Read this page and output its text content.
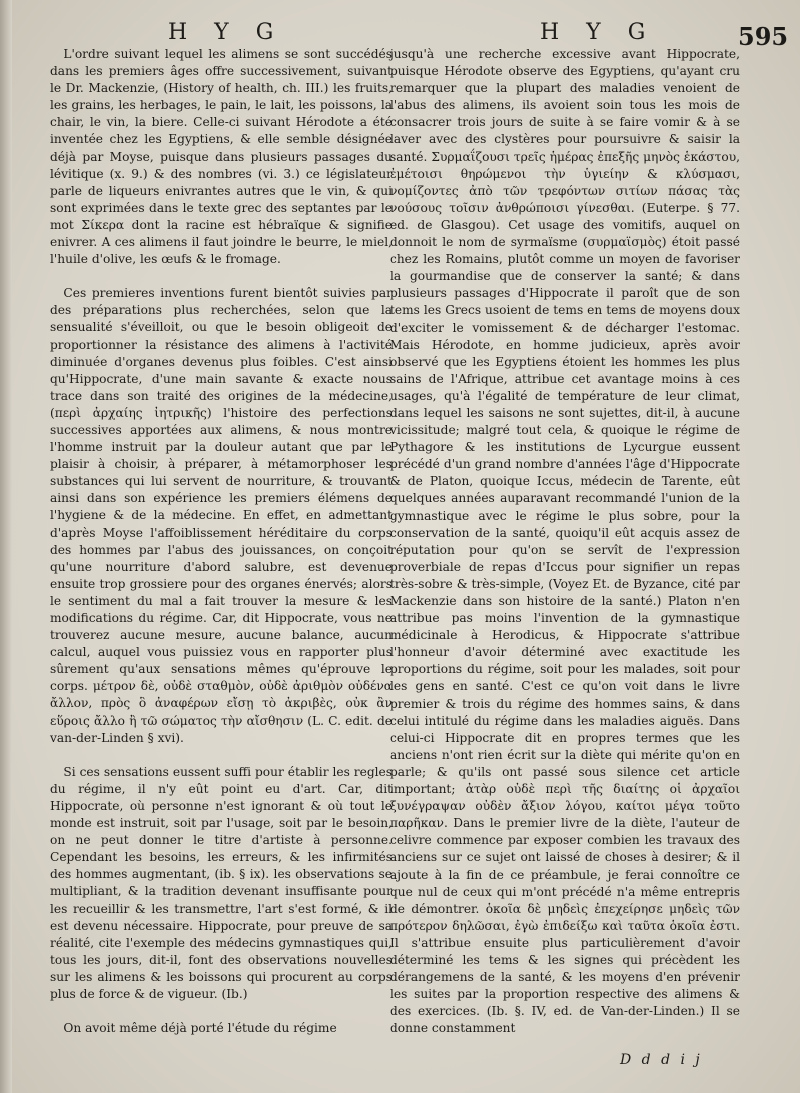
H Y G	H Y G	595

L'ordre suivant lequel les alimens se sont succédés dans les premiers âges offre successivement, suivant le Dr. Mackenzie, (History of health, ch. III.) les fruits, les grains, les herbages, le pain, le lait, les poissons, la chair, le vin, la biere. Celle-ci suivant Hérodote a été inventée chez les Egyptiens, & elle semble désignée déjà par Moyse, puisque dans plusieurs passages du lévitique (x. 9.) & des nombres (vi. 3.) ce législateur parle de liqueurs enivrantes autres que le vin, & qui sont exprimées dans le texte grec des septantes par le mot Σίκερα dont la racine est hébraïque & signifie enivrer. A ces alimens il faut joindre le beurre, le miel, l'huile d'olive, les œufs & le fromage.

Ces premieres inventions furent bientôt suivies par des préparations plus recherchées, selon que la sensualité s'éveilloit, ou que le besoin obligeoit de proportionner la résistance des alimens à l'activité diminuée d'organes devenus plus foibles. C'est ainsi qu'Hippocrate, d'une main savante & exacte nous trace dans son traité des origines de la médecine, (περὶ ἀρχαίης ἰητρικῆς) l'histoire des perfections successives apportées aux alimens, & nous montre l'homme instruit par la douleur autant que par le plaisir à choisir, à préparer, à métamorphoser les substances qui lui servent de nourriture, & trouvant ainsi dans son expérience les premiers élémens de l'hygiene & de la médecine. En effet, en admettant d'après Moyse l'affoiblissement héréditaire du corps des hommes par l'abus des jouissances, on conçoit qu'une nourriture d'abord salubre, est devenue ensuite trop grossiere pour des organes énervés; alors le sentiment du mal a fait trouver la mesure & les modifications du régime. Car, dit Hippocrate, vous ne trouverez aucune mesure, aucune balance, aucun calcul, auquel vous puissiez vous en rapporter plus sûrement qu'aux sensations mêmes qu'éprouve le corps. μέτρον δὲ, οὐδὲ σταθμὸν, οὐδὲ ἀριθμὸν οὐδένα ἄλλον, πρὸς ὃ ἀναφέρων εἴσῃ τὸ ἀκριβὲς, οὐκ ἂν εὕροις ἄλλο ἢ τῶ σώματος τὴν αἴσθησιν (L. C. edit. de van-der-Linden § xvi).

Si ces sensations eussent suffi pour établir les regles du régime, il n'y eût point eu d'art. Car, dit Hippocrate, où personne n'est ignorant & où tout le monde est instruit, soit par l'usage, soit par le besoin, on ne peut donner le titre d'artiste à personne. Cependant les besoins, les erreurs, & les infirmités des hommes augmentant, (ib. § ix). les observations se multipliant, & la tradition devenant insuffisante pour les recueillir & les transmettre, l'art s'est formé, & il est devenu nécessaire. Hippocrate, pour preuve de sa réalité, cite l'exemple des médecins gymnastiques qui, tous les jours, dit-il, font des observations nouvelles sur les alimens & les boissons qui procurent au corps plus de force & de vigueur. (Ib.)

On avoit même déjà porté l'étude du régime

jusqu'à une recherche excessive avant Hippocrate, puisque Hérodote observe des Egyptiens, qu'ayant cru remarquer que la plupart des maladies venoient de l'abus des alimens, ils avoient soin tous les mois de consacrer trois jours de suite à se faire vomir & à se laver avec des clystères pour poursuivre & saisir la santé. Συρμαΐζουσι τρεῖς ἡμέρας ἐπεξῆς μηνὸς ἑκάστου, ἐμέτοισι θηρώμενοι τὴν ὑγιείην & κλύσμασι, νομίζοντες ἀπὸ τῶν τρεφόντων σιτίων πάσας τὰς νούσους τοῖσιν ἀνθρώποισι γίνεσθαι. (Euterpe. § 77. ed. de Glasgou). Cet usage des vomitifs, auquel on donnoit le nom de syrmaïsme (συρμαϊσμὸς) étoit passé chez les Romains, plutôt comme un moyen de favoriser la gourmandise que de conserver la santé; & dans plusieurs passages d'Hippocrate il paroît que de son tems les Grecs usoient de tems en tems de moyens doux d'exciter le vomissement & de décharger l'estomac. Mais Hérodote, en homme judicieux, après avoir observé que les Egyptiens étoient les hommes les plus sains de l'Afrique, attribue cet avantage moins à ces usages, qu'à l'égalité de température de leur climat, dans lequel les saisons ne sont sujettes, dit-il, à aucune vicissitude; malgré tout cela, & quoique le régime de Pythagore & les institutions de Lycurgue eussent précédé d'un grand nombre d'années l'âge d'Hippocrate & de Platon, quoique Iccus, médecin de Tarente, eût quelques années auparavant recommandé l'union de la gymnastique avec le régime le plus sobre, pour la conservation de la santé, quoiqu'il eût acquis assez de réputation pour qu'on se servît de l'expression proverbiale de repas d'Iccus pour signifier un repas très-sobre & très-simple, (Voyez Et. de Byzance, cité par Mackenzie dans son histoire de la santé.) Platon n'en attribue pas moins l'invention de la gymnastique médicinale à Herodicus, & Hippocrate s'attribue l'honneur d'avoir déterminé avec exactitude les proportions du régime, soit pour les malades, soit pour les gens en santé. C'est ce qu'on voit dans le livre premier & trois du régime des hommes sains, & dans celui intitulé du régime dans les maladies aiguës. Dans celui-ci Hippocrate dit en propres termes que les anciens n'ont rien écrit sur la diète qui mérite qu'on en parle; & qu'ils ont passé sous silence cet article important; ἀτὰρ οὐδὲ περὶ τῆς διαίτης οἱ ἀρχαῖοι ξυνέγραψαν οὐδὲν ἄξιον λόγου, καίτοι μέγα τοῦτο παρῆκαν. Dans le premier livre de la diète, l'auteur de celivre commence par exposer combien les travaux des anciens sur ce sujet ont laissé de choses à desirer; & il ajoute à la fin de ce préambule, je ferai connoître ce que nul de ceux qui m'ont précédé n'a même entrepris de démontrer. ὁκοῖα δὲ μηδεὶς ἐπεχείρησε μηδεὶς τῶν πρότερον δηλῶσαι, ἐγὼ ἐπιδείξω καὶ ταῦτα ὁκοῖα ἐστι. Il s'attribue ensuite plus particulièrement d'avoir déterminé les tems & les signes qui précèdent les dérangemens de la santé, & les moyens d'en prévenir les suites par la proportion respective des alimens & des exercices. (Ib. §. IV, ed. de Van-der-Linden.) Il se donne constamment

D d d i j
